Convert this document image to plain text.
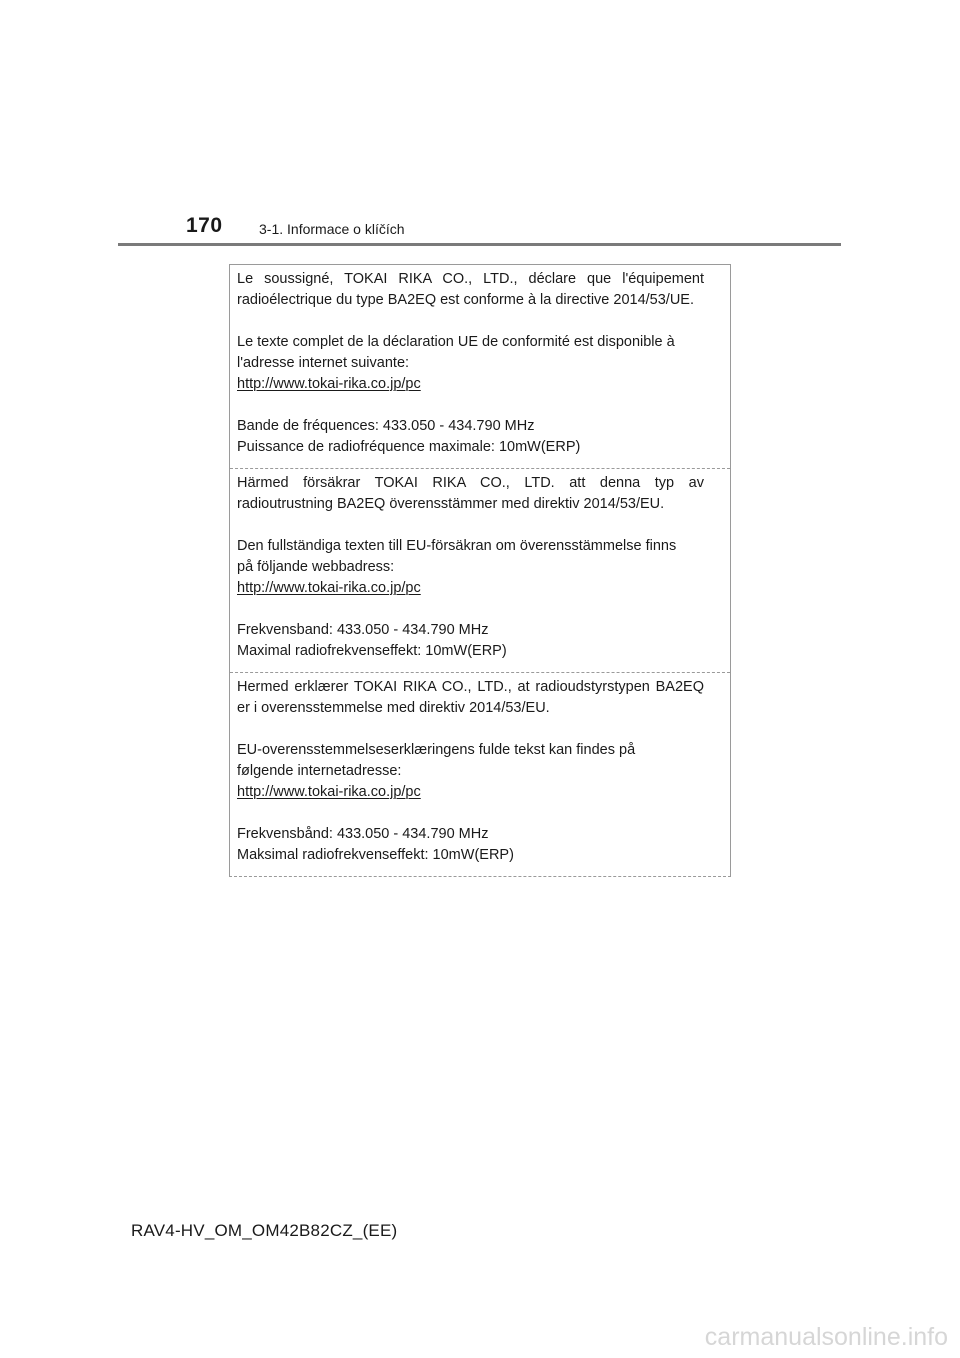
170	3-1. Informace o klíčích
Le soussigné, TOKAI RIKA CO., LTD., déclare que l'équipement radioélectrique du type BA2EQ est conforme à la directive 2014/53/UE.
Le texte complet de la déclaration UE de conformité est disponible à
l'adresse internet suivante:
http://www.tokai-rika.co.jp/pc
Bande de fréquences: 433.050 - 434.790 MHz
Puissance de radiofréquence maximale: 10mW(ERP)
Härmed försäkrar TOKAI RIKA CO., LTD. att denna typ av radioutrustning BA2EQ överensstämmer med direktiv 2014/53/EU.
Den fullständiga texten till EU-försäkran om överensstämmelse finns
på följande webbadress:
http://www.tokai-rika.co.jp/pc
Frekvensband: 433.050 - 434.790 MHz
Maximal radiofrekvenseffekt: 10mW(ERP)
Hermed erklærer TOKAI RIKA CO., LTD., at radioudstyrstypen BA2EQ er i overensstemmelse med direktiv 2014/53/EU.
EU-overensstemmelseserklæringens fulde tekst kan findes på
følgende internetadresse:
http://www.tokai-rika.co.jp/pc
Frekvensbånd: 433.050 - 434.790 MHz
Maksimal radiofrekvenseffekt: 10mW(ERP)
RAV4-HV_OM_OM42B82CZ_(EE)
carmanualsonline.info
